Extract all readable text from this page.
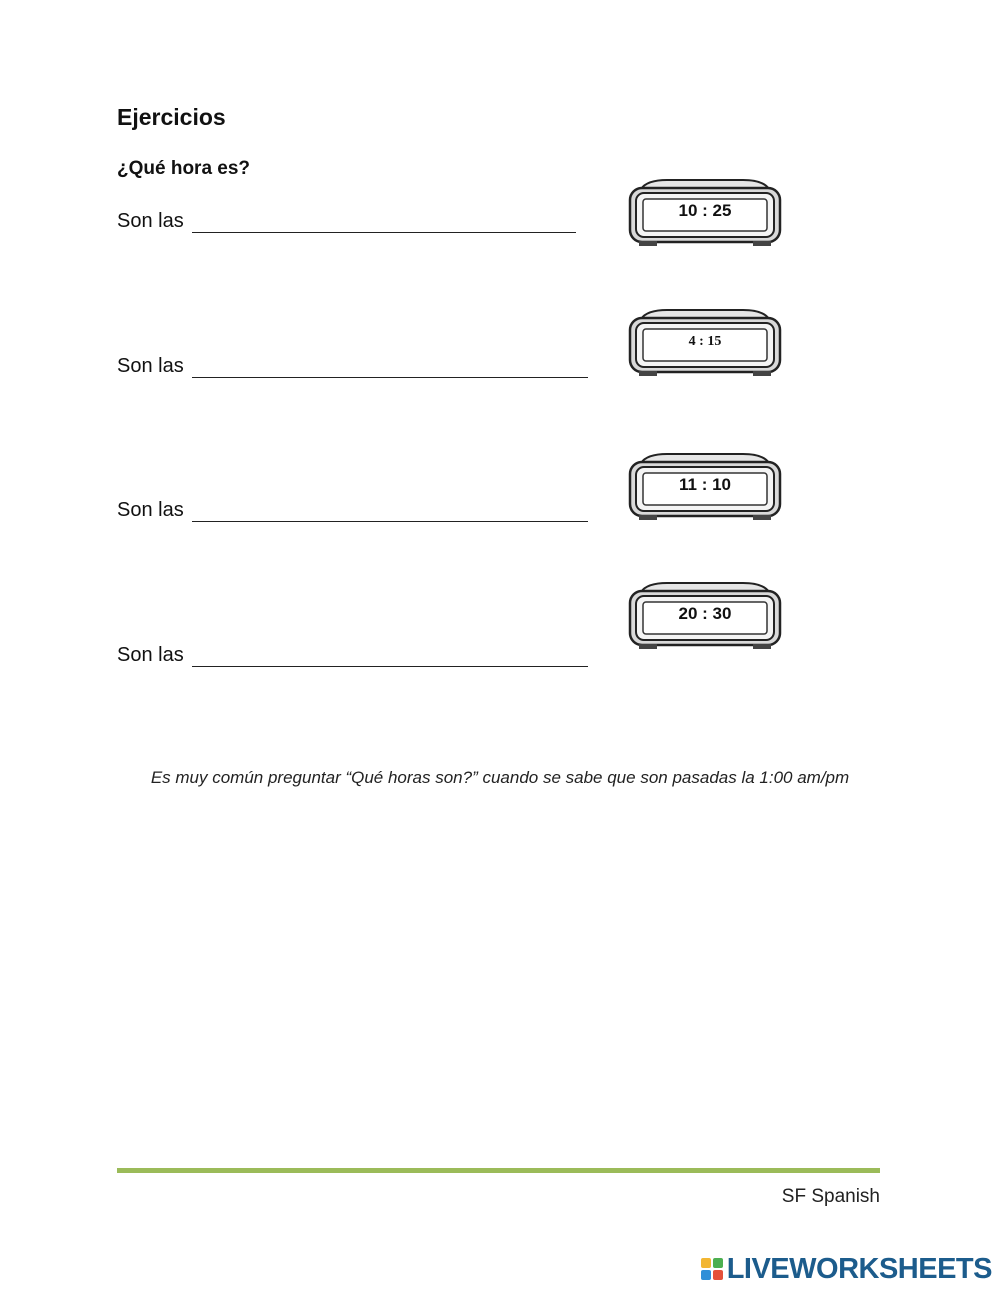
Ejercicios
¿Qué hora es?
Son las	10 : 25
Son las
4 : 15
Son las
11 : 10
Son las
20 : 30
Es muy común preguntar “Qué horas son?” cuando se sabe que son pasadas la 1:00 am/pm
SF Spanish
LIVEWORKSHEETS
